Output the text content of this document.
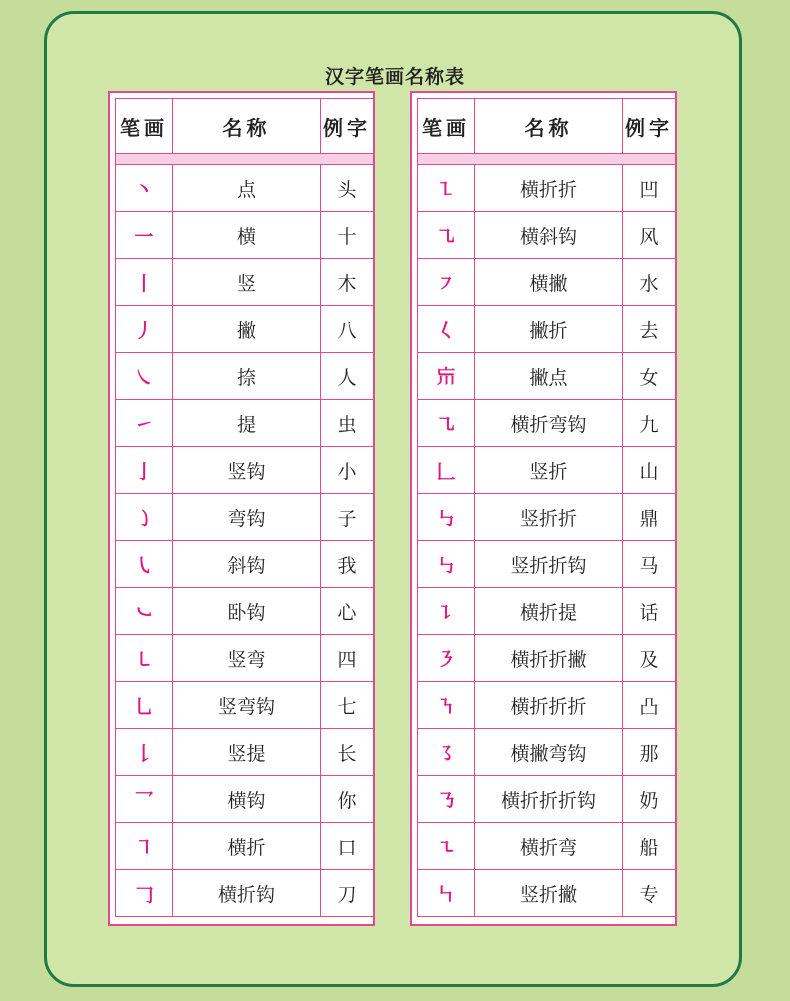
汉字笔画名称表
笔画	名称	例字

丶	点	头
一	横	十
丨	竖	木
丿	撇	八
㇏	捺	人
㇀	提	虫
亅	竖钩	小
㇁	弯钩	子
㇂	斜钩	我
㇃	卧钩	心
㇄	竖弯	四
乚	竖弯钩	七
𠄌	竖提	长
乛	横钩	你
㇕	横折	口
𠃌	横折钩	刀
笔画	名称	例字

㇅	横折折	凹
㇈	横斜钩	风
㇇	横撇	水
𡿨	撇折	去
𡿫	撇点	女
㇈	横折弯钩	九
𠃊	竖折	山
㇉	竖折折	鼎
㇉	竖折折钩	马
㇊	横折提	话
㇋	横折折撇	及
㇎	横折折折	凸
㇌	横撇弯钩	那
㇡	横折折折钩	奶
㇍	横折弯	船
㇞	竖折撇	专
